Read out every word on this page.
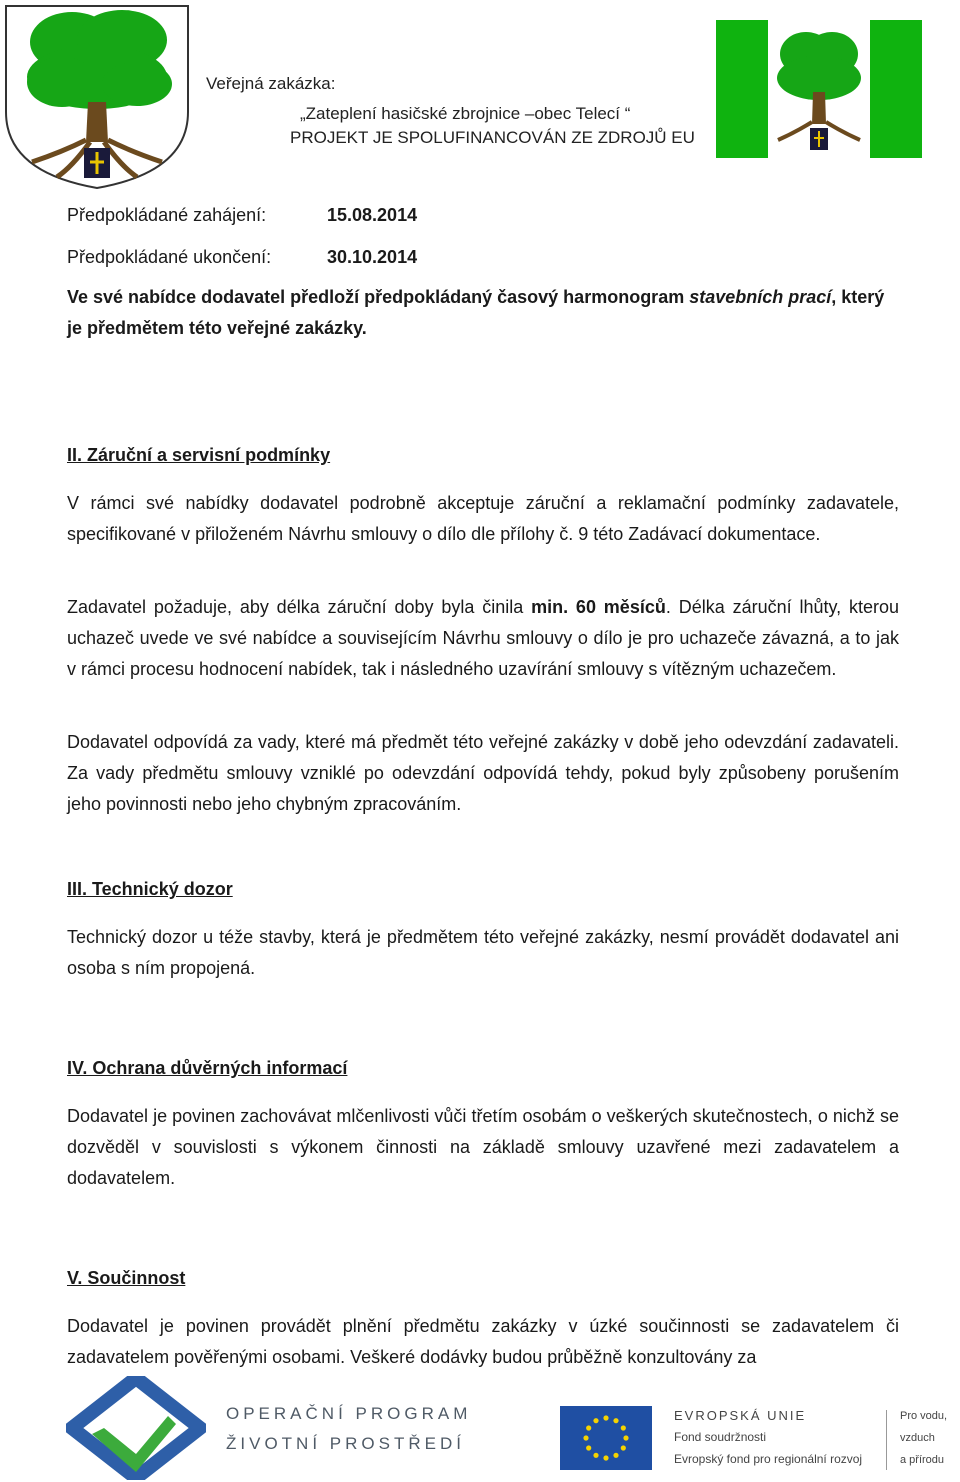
Veřejná zakázka:
„Zateplení hasičské zbrojnice –obec Telecí “
PROJEKT JE SPOLUFINANCOVÁN ZE ZDROJŮ EU
Předpokládané zahájení:	15.08.2014
Předpokládané ukončení:	30.10.2014
Ve své nabídce dodavatel předloží předpokládaný časový harmonogram stavebních prací, který je předmětem této veřejné zakázky.
II. Záruční a servisní podmínky
V rámci své nabídky dodavatel podrobně akceptuje záruční a reklamační podmínky zadavatele, specifikované v přiloženém Návrhu smlouvy o dílo dle přílohy č. 9 této Zadávací dokumentace.
Zadavatel požaduje, aby délka záruční doby byla činila min. 60 měsíců. Délka záruční lhůty, kterou uchazeč uvede ve své nabídce a souvisejícím Návrhu smlouvy o dílo je pro uchazeče závazná, a to jak v rámci procesu hodnocení nabídek, tak i následného uzavírání smlouvy s vítězným uchazečem.
Dodavatel odpovídá za vady, které má předmět této veřejné zakázky v době jeho odevzdání zadavateli. Za vady předmětu smlouvy vzniklé po odevzdání odpovídá tehdy, pokud byly způsobeny porušením jeho povinnosti nebo jeho chybným zpracováním.
III. Technický dozor
Technický dozor u téže stavby, která je předmětem této veřejné zakázky, nesmí provádět dodavatel ani osoba s ním propojená.
IV. Ochrana důvěrných informací
Dodavatel je povinen zachovávat mlčenlivosti vůči třetím osobám o veškerých skutečnostech, o nichž se dozvěděl v souvislosti s výkonem činnosti na základě smlouvy uzavřené mezi zadavatelem a dodavatelem.
V. Součinnost
Dodavatel je povinen provádět plnění předmětu zakázky v úzké součinnosti se zadavatelem či zadavatelem pověřenými osobami. Veškeré dodávky budou průběžně konzultovány za
OPERAČNÍ PROGRAM
ŽIVOTNÍ PROSTŘEDÍ
EVROPSKÁ UNIE
Fond soudržnosti
Evropský fond pro regionální rozvoj
Pro vodu,
vzduch
a přírodu
